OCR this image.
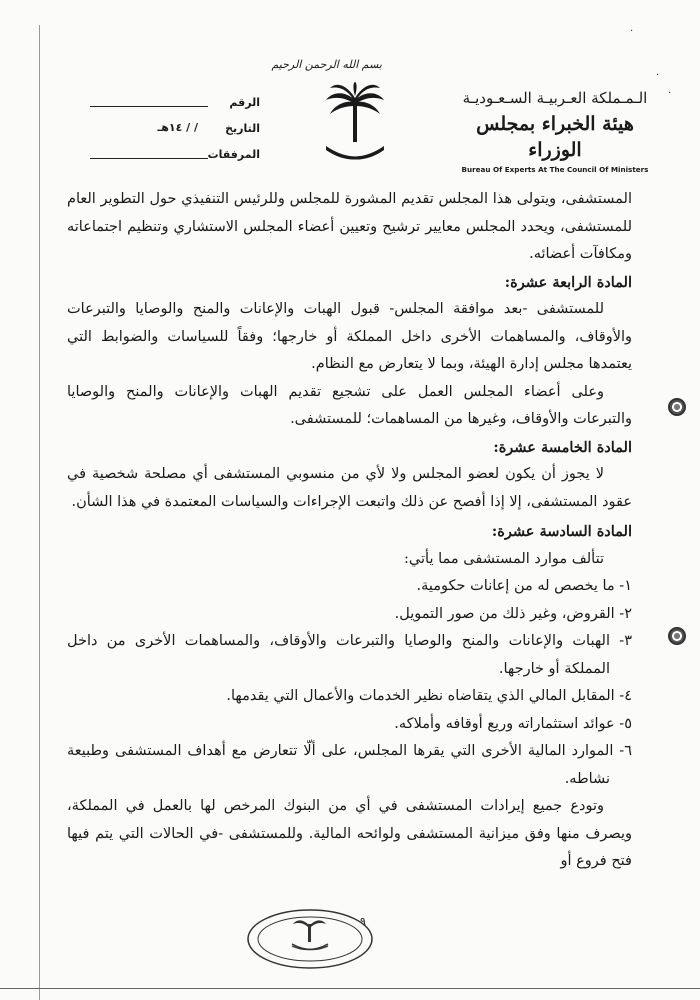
·
·
·
الـمـملكة العـربيـة السـعـوديـة
هيئة الخبراء بمجلس الوزراء
Bureau Of Experts At The Council Of Ministers
بسم الله الرحمن الرحيم
الرقم
التاريخ
/ / ١٤هـ
المرفقات

المستشفى، ويتولى هذا المجلس تقديم المشورة للمجلس وللرئيس التنفيذي حول التطوير العام للمستشفى، ويحدد المجلس معايير ترشيح وتعيين أعضاء المجلس الاستشاري وتنظيم اجتماعاته ومكافآت أعضائه.

المادة الرابعة عشرة:

للمستشفى -بعد موافقة المجلس- قبول الهبات والإعانات والمنح والوصايا والتبرعات والأوقاف، والمساهمات الأخرى داخل المملكة أو خارجها؛ وفقاً للسياسات والضوابط التي يعتمدها مجلس إدارة الهيئة، وبما لا يتعارض مع النظام.

وعلى أعضاء المجلس العمل على تشجيع تقديم الهبات والإعانات والمنح والوصايا والتبرعات والأوقاف، وغيرها من المساهمات؛ للمستشفى.

المادة الخامسة عشرة:

لا يجوز أن يكون لعضو المجلس ولا لأي من منسوبي المستشفى أي مصلحة شخصية في عقود المستشفى، إلا إذا أفصح عن ذلك واتبعت الإجراءات والسياسات المعتمدة في هذا الشأن.

المادة السادسة عشرة:

تتألف موارد المستشفى مما يأتي:

١- ما يخصص له من إعانات حكومية.

٢- القروض، وغير ذلك من صور التمويل.

٣- الهبات والإعانات والمنح والوصايا والتبرعات والأوقاف، والمساهمات الأخرى من داخل المملكة أو خارجها.

٤- المقابل المالي الذي يتقاضاه نظير الخدمات والأعمال التي يقدمها.

٥- عوائد استثماراته وريع أوقافه وأملاكه.

٦- الموارد المالية الأخرى التي يقرها المجلس، على ألّا تتعارض مع أهداف المستشفى وطبيعة نشاطه.

وتودع جميع إيرادات المستشفى في أي من البنوك المرخص لها بالعمل في المملكة، ويصرف منها وفق ميزانية المستشفى ولوائحه المالية. وللمستشفى -في الحالات التي يتم فيها فتح فروع أو

٩
